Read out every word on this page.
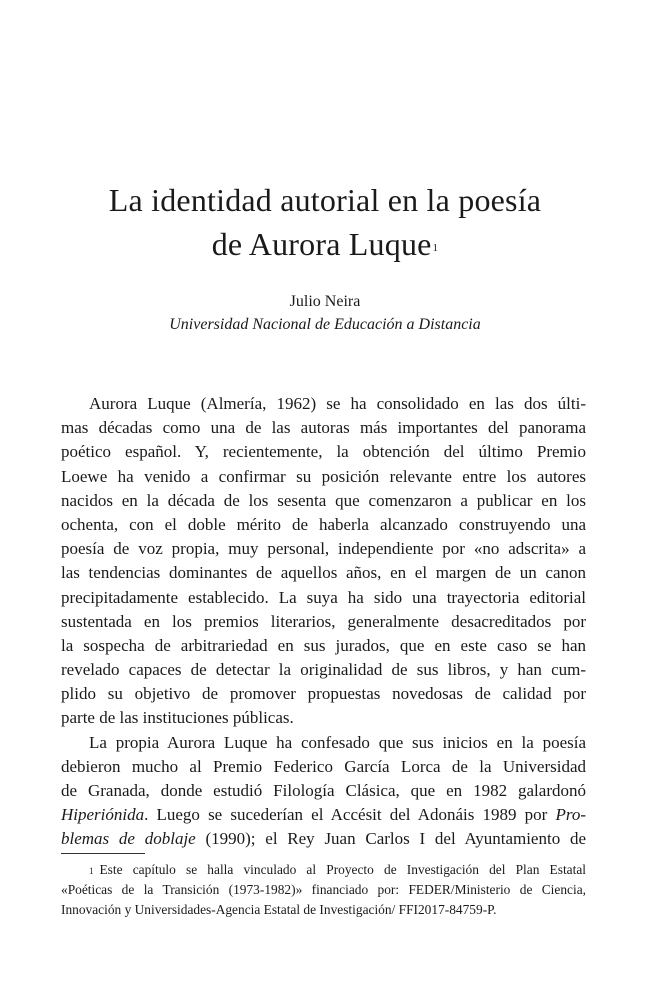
La identidad autorial en la poesía
de Aurora Luque$^1$
Julio Neira
Universidad Nacional de Educación a Distancia
Aurora Luque (Almería, 1962) se ha consolidado en las dos últi-
mas décadas como una de las autoras más importantes del panorama
poético español. Y, recientemente, la obtención del último Premio
Loewe ha venido a confirmar su posición relevante entre los autores
nacidos en la década de los sesenta que comenzaron a publicar en los
ochenta, con el doble mérito de haberla alcanzado construyendo una
poesía de voz propia, muy personal, independiente por «no adscrita» a
las tendencias dominantes de aquellos años, en el margen de un canon
precipitadamente establecido. La suya ha sido una trayectoria editorial
sustentada en los premios literarios, generalmente desacreditados por
la sospecha de arbitrariedad en sus jurados, que en este caso se han
revelado capaces de detectar la originalidad de sus libros, y han cum-
plido su objetivo de promover propuestas novedosas de calidad por
parte de las instituciones públicas.
La propia Aurora Luque ha confesado que sus inicios en la poesía
debieron mucho al Premio Federico García Lorca de la Universidad
de Granada, donde estudió Filología Clásica, que en 1982 galardonó
Hiperiónida. Luego se sucederían el Accésit del Adonáis 1989 por Pro-
blemas de doblaje (1990); el Rey Juan Carlos I del Ayuntamiento de
$^1$ Este capítulo se halla vinculado al Proyecto de Investigación del Plan Estatal
«Poéticas de la Transición (1973-1982)» financiado por: FEDER/Ministerio de Ciencia,
Innovación y Universidades-Agencia Estatal de Investigación/ FFI2017-84759-P.
